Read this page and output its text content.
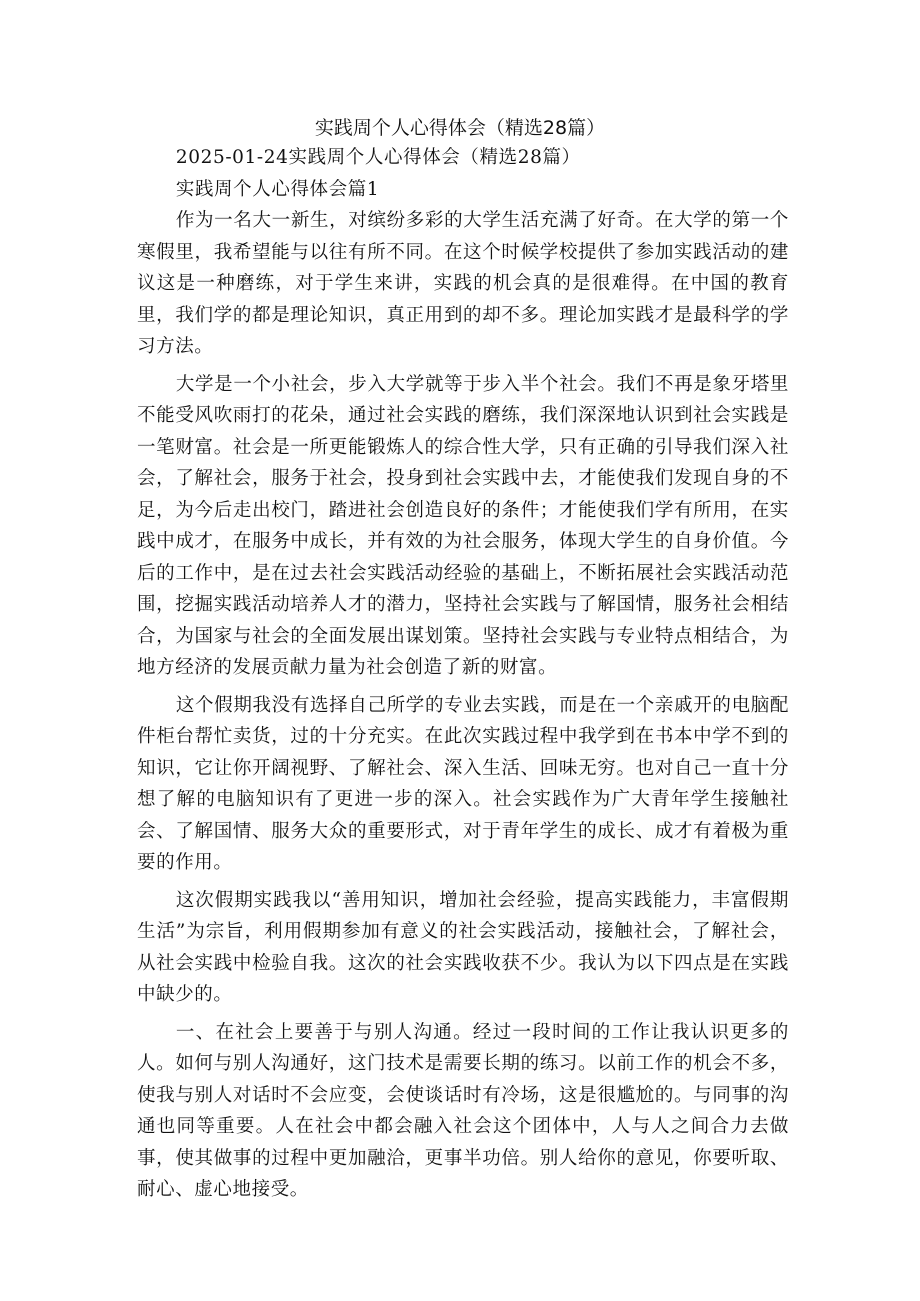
实践周个人心得体会（精选28篇）

2025-01-24实践周个人心得体会（精选28篇）

实践周个人心得体会篇1

作为一名大一新生，对缤纷多彩的大学生活充满了好奇。在大学的第一个寒假里，我希望能与以往有所不同。在这个时候学校提供了参加实践活动的建议这是一种磨练，对于学生来讲，实践的机会真的是很难得。在中国的教育里，我们学的都是理论知识，真正用到的却不多。理论加实践才是最科学的学习方法。

大学是一个小社会，步入大学就等于步入半个社会。我们不再是象牙塔里不能受风吹雨打的花朵，通过社会实践的磨练，我们深深地认识到社会实践是一笔财富。社会是一所更能锻炼人的综合性大学，只有正确的引导我们深入社会，了解社会，服务于社会，投身到社会实践中去，才能使我们发现自身的不足，为今后走出校门，踏进社会创造良好的条件；才能使我们学有所用，在实践中成才，在服务中成长，并有效的为社会服务，体现大学生的自身价值。今后的工作中，是在过去社会实践活动经验的基础上，不断拓展社会实践活动范围，挖掘实践活动培养人才的潜力，坚持社会实践与了解国情，服务社会相结合，为国家与社会的全面发展出谋划策。坚持社会实践与专业特点相结合，为地方经济的发展贡献力量为社会创造了新的财富。

这个假期我没有选择自己所学的专业去实践，而是在一个亲戚开的电脑配件柜台帮忙卖货，过的十分充实。在此次实践过程中我学到在书本中学不到的知识，它让你开阔视野、了解社会、深入生活、回味无穷。也对自己一直十分想了解的电脑知识有了更进一步的深入。社会实践作为广大青年学生接触社会、了解国情、服务大众的重要形式，对于青年学生的成长、成才有着极为重要的作用。

这次假期实践我以“善用知识，增加社会经验，提高实践能力，丰富假期生活”为宗旨，利用假期参加有意义的社会实践活动，接触社会，了解社会，从社会实践中检验自我。这次的社会实践收获不少。我认为以下四点是在实践中缺少的。

一、在社会上要善于与别人沟通。经过一段时间的工作让我认识更多的人。如何与别人沟通好，这门技术是需要长期的练习。以前工作的机会不多，使我与别人对话时不会应变，会使谈话时有冷场，这是很尴尬的。与同事的沟通也同等重要。人在社会中都会融入社会这个团体中，人与人之间合力去做事，使其做事的过程中更加融洽，更事半功倍。别人给你的意见，你要听取、耐心、虚心地接受。
